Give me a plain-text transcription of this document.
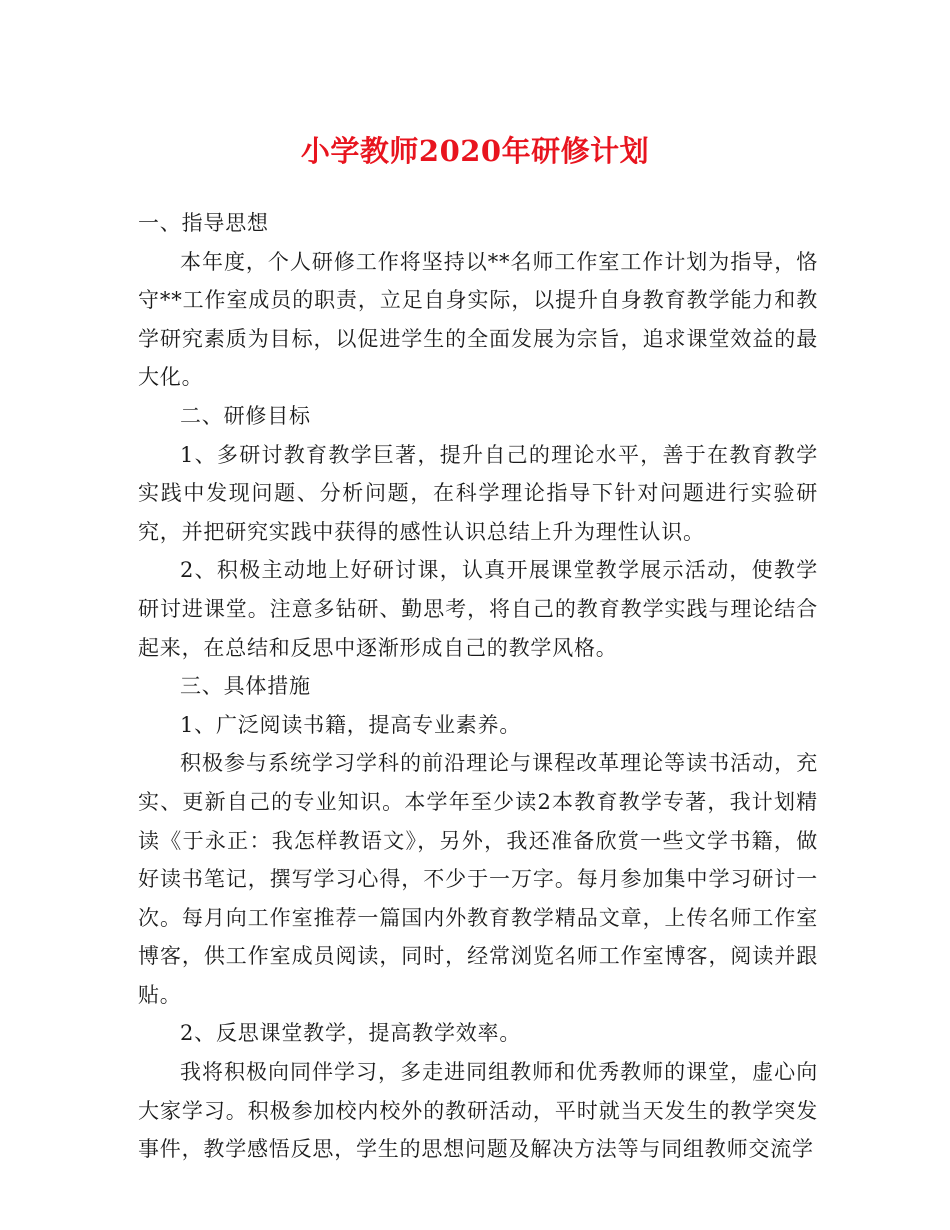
小学教师2020年研修计划

一、指导思想

本年度，个人研修工作将坚持以**名师工作室工作计划为指导，恪守**工作室成员的职责，立足自身实际，以提升自身教育教学能力和教学研究素质为目标，以促进学生的全面发展为宗旨，追求课堂效益的最大化。

二、研修目标

1、多研讨教育教学巨著，提升自己的理论水平，善于在教育教学实践中发现问题、分析问题，在科学理论指导下针对问题进行实验研究，并把研究实践中获得的感性认识总结上升为理性认识。

2、积极主动地上好研讨课，认真开展课堂教学展示活动，使教学研讨进课堂。注意多钻研、勤思考，将自己的教育教学实践与理论结合起来，在总结和反思中逐渐形成自己的教学风格。

三、具体措施

1、广泛阅读书籍，提高专业素养。

积极参与系统学习学科的前沿理论与课程改革理论等读书活动，充实、更新自己的专业知识。本学年至少读2本教育教学专著，我计划精读《于永正：我怎样教语文》，另外，我还准备欣赏一些文学书籍，做好读书笔记，撰写学习心得，不少于一万字。每月参加集中学习研讨一次。每月向工作室推荐一篇国内外教育教学精品文章，上传名师工作室博客，供工作室成员阅读，同时，经常浏览名师工作室博客，阅读并跟贴。

2、反思课堂教学，提高教学效率。

我将积极向同伴学习，多走进同组教师和优秀教师的课堂，虚心向大家学习。积极参加校内校外的教研活动，平时就当天发生的教学突发事件，教学感悟反思，学生的思想问题及解决方法等与同组教师交流学
